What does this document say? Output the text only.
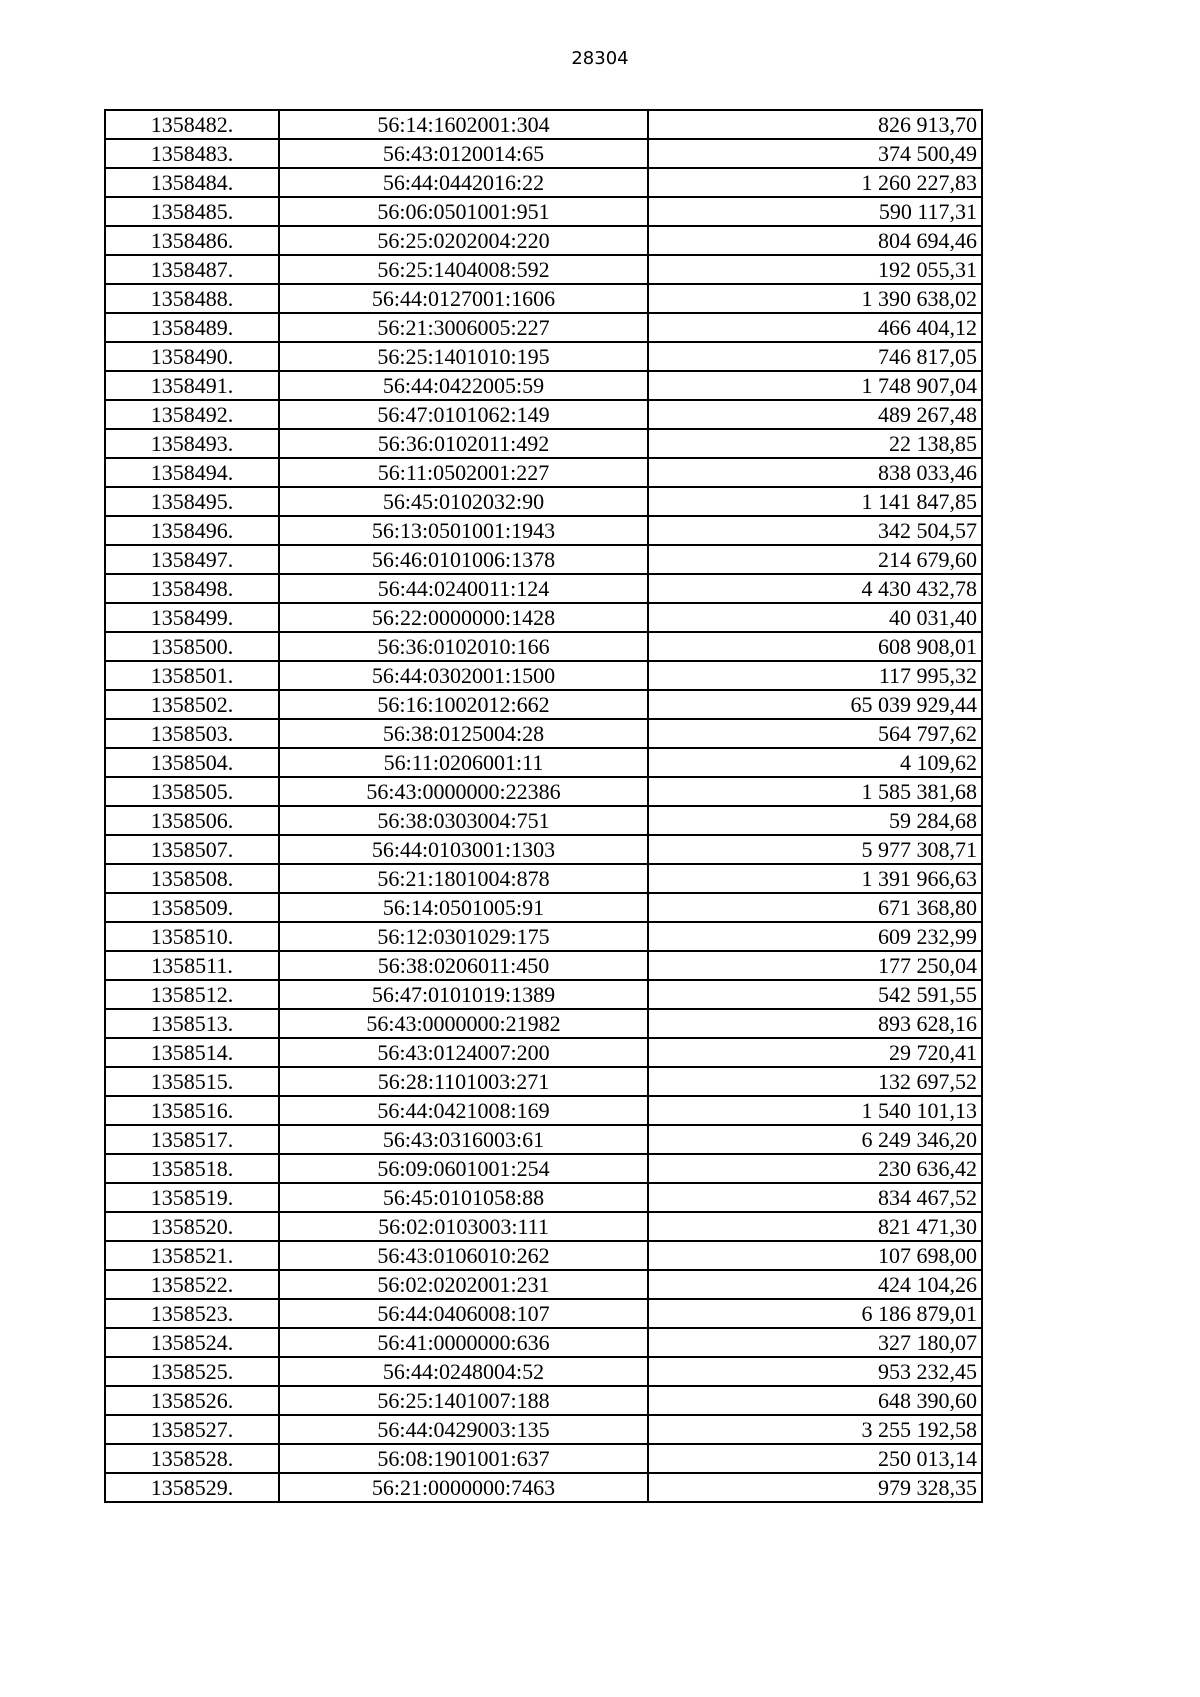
28304
1358482.	56:14:1602001:304	826 913,70
1358483.	56:43:0120014:65	374 500,49
1358484.	56:44:0442016:22	1 260 227,83
1358485.	56:06:0501001:951	590 117,31
1358486.	56:25:0202004:220	804 694,46
1358487.	56:25:1404008:592	192 055,31
1358488.	56:44:0127001:1606	1 390 638,02
1358489.	56:21:3006005:227	466 404,12
1358490.	56:25:1401010:195	746 817,05
1358491.	56:44:0422005:59	1 748 907,04
1358492.	56:47:0101062:149	489 267,48
1358493.	56:36:0102011:492	22 138,85
1358494.	56:11:0502001:227	838 033,46
1358495.	56:45:0102032:90	1 141 847,85
1358496.	56:13:0501001:1943	342 504,57
1358497.	56:46:0101006:1378	214 679,60
1358498.	56:44:0240011:124	4 430 432,78
1358499.	56:22:0000000:1428	40 031,40
1358500.	56:36:0102010:166	608 908,01
1358501.	56:44:0302001:1500	117 995,32
1358502.	56:16:1002012:662	65 039 929,44
1358503.	56:38:0125004:28	564 797,62
1358504.	56:11:0206001:11	4 109,62
1358505.	56:43:0000000:22386	1 585 381,68
1358506.	56:38:0303004:751	59 284,68
1358507.	56:44:0103001:1303	5 977 308,71
1358508.	56:21:1801004:878	1 391 966,63
1358509.	56:14:0501005:91	671 368,80
1358510.	56:12:0301029:175	609 232,99
1358511.	56:38:0206011:450	177 250,04
1358512.	56:47:0101019:1389	542 591,55
1358513.	56:43:0000000:21982	893 628,16
1358514.	56:43:0124007:200	29 720,41
1358515.	56:28:1101003:271	132 697,52
1358516.	56:44:0421008:169	1 540 101,13
1358517.	56:43:0316003:61	6 249 346,20
1358518.	56:09:0601001:254	230 636,42
1358519.	56:45:0101058:88	834 467,52
1358520.	56:02:0103003:111	821 471,30
1358521.	56:43:0106010:262	107 698,00
1358522.	56:02:0202001:231	424 104,26
1358523.	56:44:0406008:107	6 186 879,01
1358524.	56:41:0000000:636	327 180,07
1358525.	56:44:0248004:52	953 232,45
1358526.	56:25:1401007:188	648 390,60
1358527.	56:44:0429003:135	3 255 192,58
1358528.	56:08:1901001:637	250 013,14
1358529.	56:21:0000000:7463	979 328,35
